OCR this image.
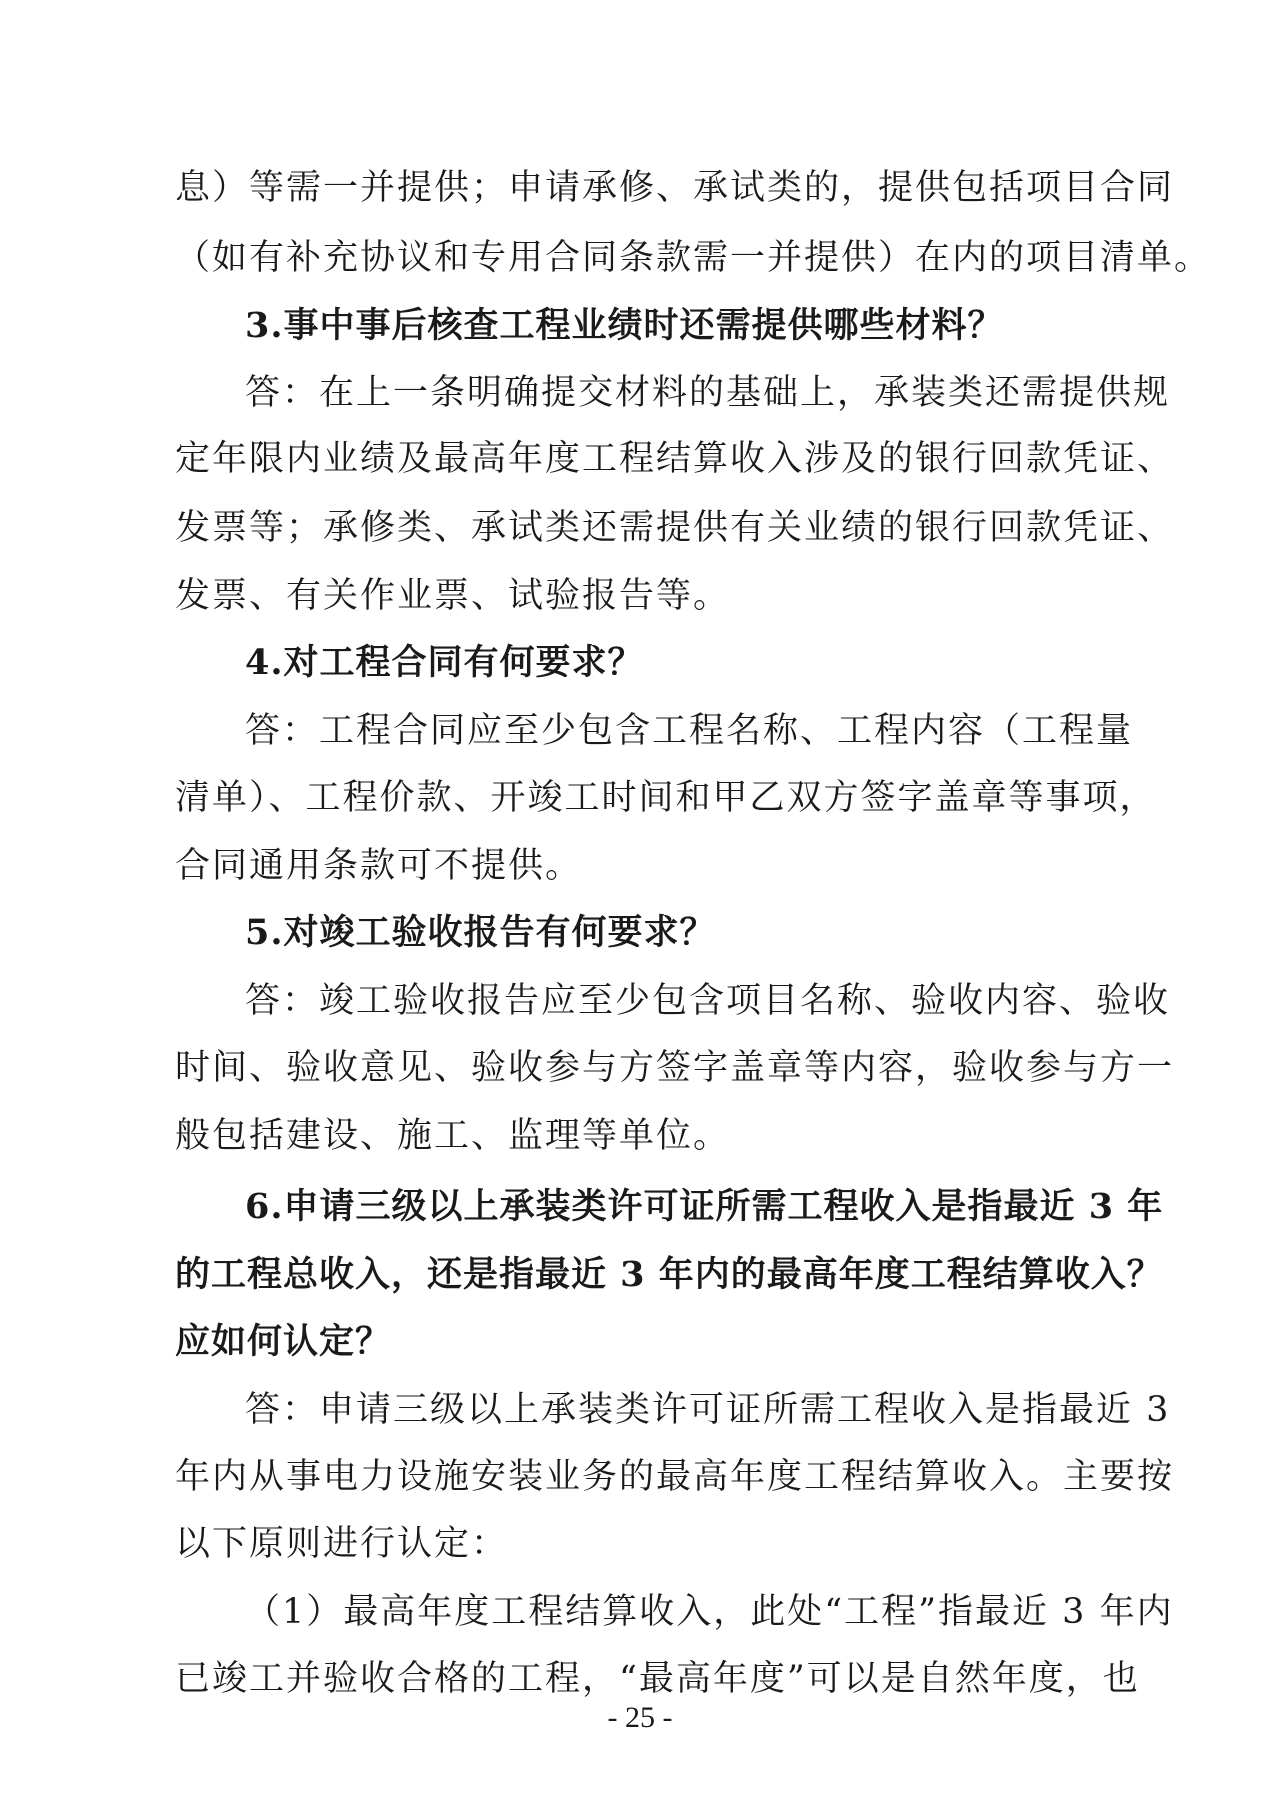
息）等需一并提供；申请承修、承试类的，提供包括项目合同
（如有补充协议和专用合同条款需一并提供）在内的项目清单。
3.事中事后核查工程业绩时还需提供哪些材料？
答：在上一条明确提交材料的基础上，承装类还需提供规
定年限内业绩及最高年度工程结算收入涉及的银行回款凭证、
发票等；承修类、承试类还需提供有关业绩的银行回款凭证、
发票、有关作业票、试验报告等。
4.对工程合同有何要求？
答：工程合同应至少包含工程名称、工程内容（工程量
清单）、工程价款、开竣工时间和甲乙双方签字盖章等事项，
合同通用条款可不提供。
5.对竣工验收报告有何要求？
答：竣工验收报告应至少包含项目名称、验收内容、验收
时间、验收意见、验收参与方签字盖章等内容，验收参与方一
般包括建设、施工、监理等单位。
6.申请三级以上承装类许可证所需工程收入是指最近 3 年
的工程总收入，还是指最近 3 年内的最高年度工程结算收入？
应如何认定？
答：申请三级以上承装类许可证所需工程收入是指最近 3
年内从事电力设施安装业务的最高年度工程结算收入。主要按
以下原则进行认定：
（1）最高年度工程结算收入，此处“工程”指最近 3 年内
已竣工并验收合格的工程，“最高年度”可以是自然年度，也
- 25 -
